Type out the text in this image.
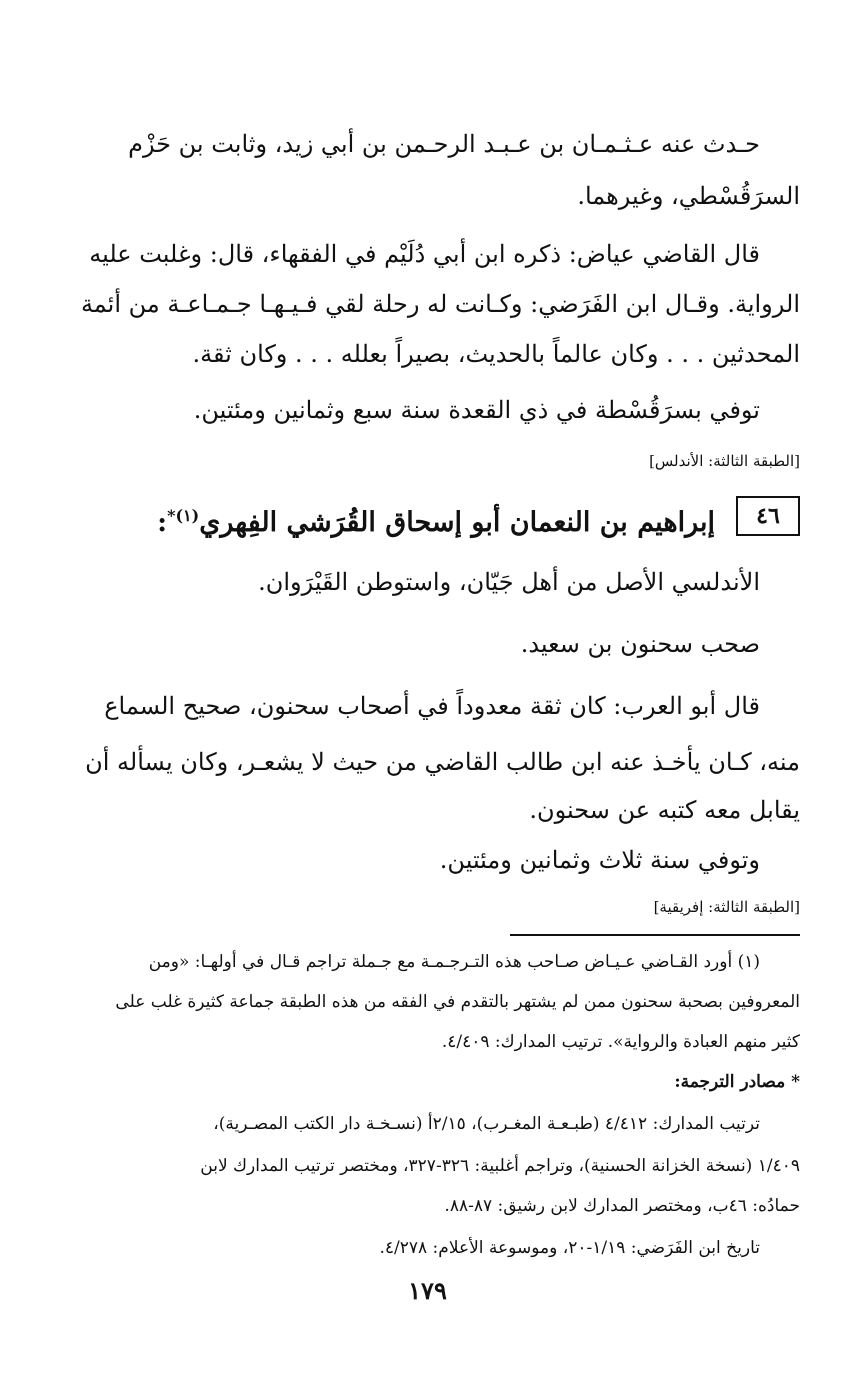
حـدث عنه عـثـمـان بن عـبـد الرحـمن بن أبي زيد، وثابت بن حَزْم
السرَقُسْطي، وغيرهما.
قال القاضي عياض: ذكره ابن أبي دُلَيْم في الفقهاء، قال: وغلبت عليه
الرواية. وقـال ابن الفَرَضي: وكـانت له رحلة لقي فـيـهـا جـمـاعـة من أئمة
المحدثين . . . وكان عالماً بالحديث، بصيراً بعلله . . . وكان ثقة.
توفي بسرَقُسْطة في ذي القعدة سنة سبع وثمانين ومئتين.
[الطبقة الثالثة: الأندلس]
٤٦
إبراهيم بن النعمان أبو إسحاق القُرَشي الفِهري$^{(١)*}$:
الأندلسي الأصل من أهل جَيّان، واستوطن القَيْرَوان.
صحب سحنون بن سعيد.
قال أبو العرب: كان ثقة معدوداً في أصحاب سحنون، صحيح السماع
منه، كـان يأخـذ عنه ابن طالب القاضي من حيث لا يشعـر، وكان يسأله أن
يقابل معه كتبه عن سحنون.
وتوفي سنة ثلاث وثمانين ومئتين.
[الطبقة الثالثة: إفريقية]
(١) أورد القـاضي عـيـاض صـاحب هذه التـرجـمـة مع جـملة تراجم قـال في أولهـا: «ومن
المعروفين بصحبة سحنون ممن لم يشتهر بالتقدم في الفقه من هذه الطبقة جماعة كثيرة غلب على
كثير منهم العبادة والرواية». ترتيب المدارك: ٤/٤٠٩.
* مصادر الترجمة:
ترتيب المدارك: ٤/٤١٢ (طبـعـة المغـرب)، ٢/١٥أ (نسـخـة دار الكتب المصـرية)،
١/٤٠٩ (نسخة الخزانة الحسنية)، وتراجم أغلبية: ٣٢٦-٣٢٧، ومختصر ترتيب المدارك لابن
حمادُه: ٤٦ب، ومختصر المدارك لابن رشيق: ٨٧-٨٨.
تاريخ ابن الفَرَضي: ١/١٩-٢٠، وموسوعة الأعلام: ٤/٢٧٨.
١٧٩
